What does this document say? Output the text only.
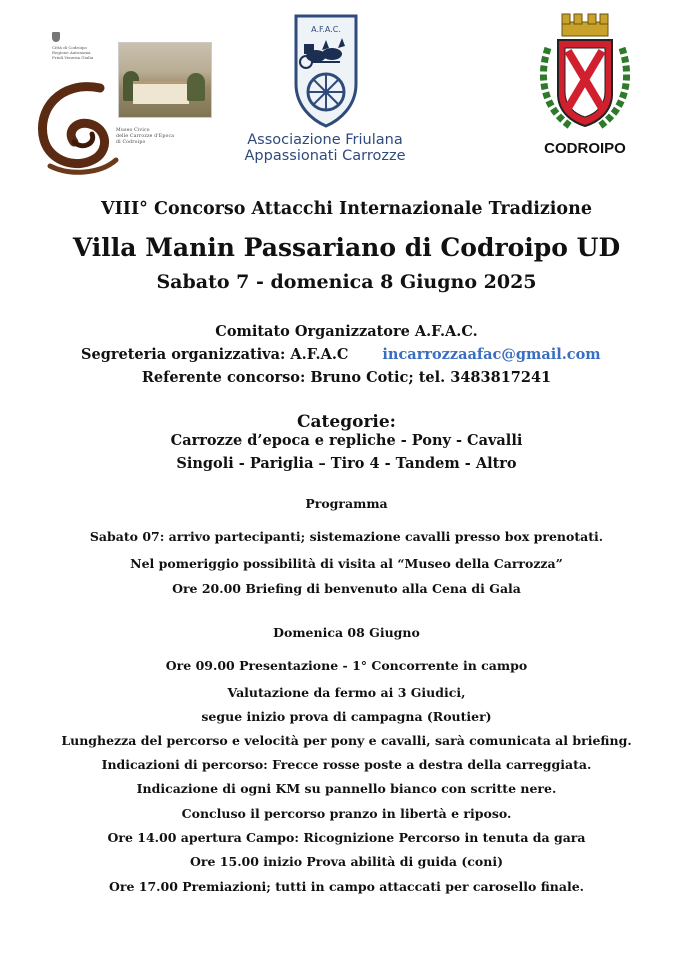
Città di Codroipo
Regione Autonoma
Friuli Venezia Giulia
Museo Civico
delle Carrozze d'Epoca
di Codroipo
A.F.A.C.
Associazione Friulana
Appassionati Carrozze	CODROIPO
VIII° Concorso Attacchi Internazionale Tradizione
Villa Manin Passariano di Codroipo UD
Sabato 7 - domenica 8 Giugno 2025
Comitato Organizzatore A.F.A.C.
Segreteria organizzativa: A.F.A.C incarrozzaafac@gmail.com
Referente concorso: Bruno Cotic; tel. 3483817241
Categorie:
Carrozze d’epoca e repliche - Pony - Cavalli
Singoli - Pariglia – Tiro 4 - Tandem - Altro
Programma
Sabato 07: arrivo partecipanti; sistemazione cavalli presso box prenotati.
Nel pomeriggio possibilità di visita al “Museo della Carrozza”
Ore 20.00 Briefing di benvenuto alla Cena di Gala
Domenica 08 Giugno
Ore 09.00 Presentazione - 1° Concorrente in campo
Valutazione da fermo ai 3 Giudici,
segue inizio prova di campagna (Routier)
Lunghezza del percorso e velocità per pony e cavalli, sarà comunicata al briefing.
Indicazioni di percorso: Frecce rosse poste a destra della carreggiata.
Indicazione di ogni KM su pannello bianco con scritte nere.
Concluso il percorso pranzo in libertà e riposo.
Ore 14.00 apertura Campo: Ricognizione Percorso in tenuta da gara
Ore 15.00 inizio Prova abilità di guida (coni)
Ore 17.00 Premiazioni; tutti in campo attaccati per carosello finale.
